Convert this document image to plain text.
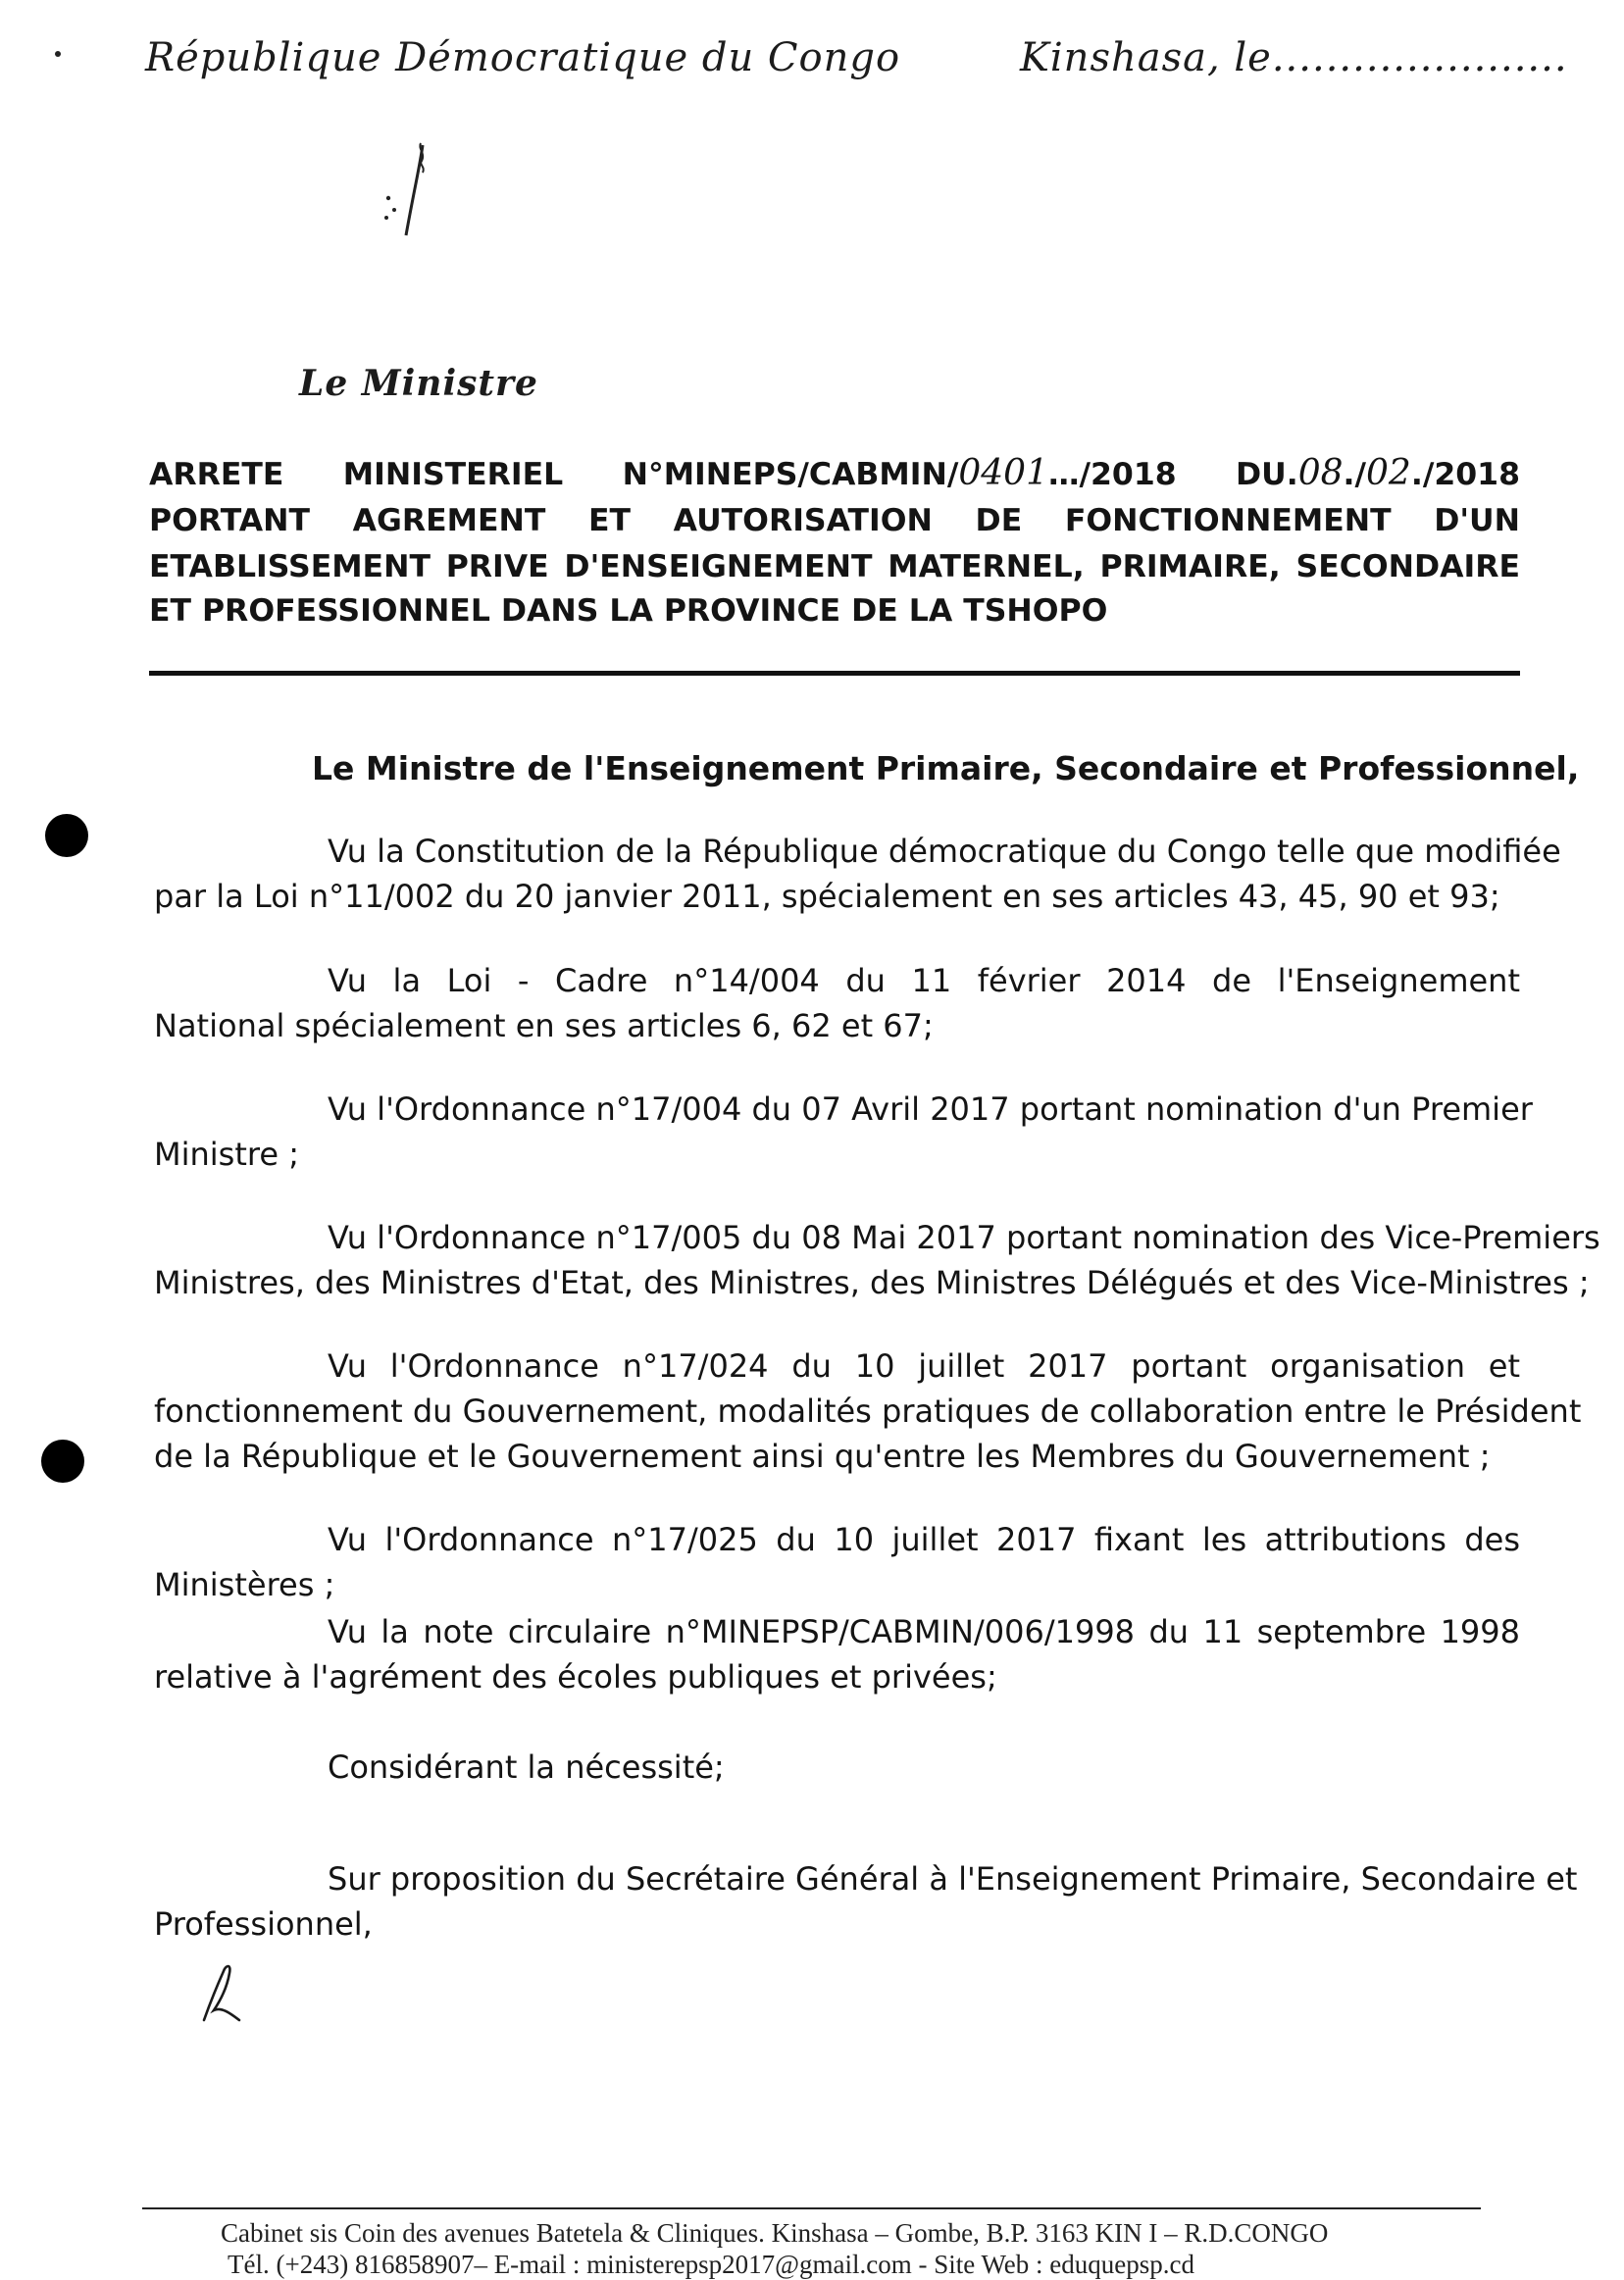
République Démocratique du Congo	Kinshasa, le......................
Le Ministre
ARRETE MINISTERIEL N°MINEPS/CABMIN/0401…/2018 DU.08./02./2018
PORTANT AGREMENT ET AUTORISATION DE FONCTIONNEMENT D'UN
ETABLISSEMENT PRIVE D'ENSEIGNEMENT MATERNEL, PRIMAIRE, SECONDAIRE
ET PROFESSIONNEL DANS LA PROVINCE DE LA TSHOPO
Le Ministre de l'Enseignement Primaire, Secondaire et Professionnel,
Vu la Constitution de la République démocratique du Congo telle que modifiée
par la Loi n°11/002 du 20 janvier 2011, spécialement en ses articles 43, 45, 90 et 93;
Vu la Loi - Cadre n°14/004 du 11 février 2014 de l'Enseignement
National spécialement en ses articles 6, 62 et 67;
Vu l'Ordonnance n°17/004 du 07 Avril 2017 portant nomination d'un Premier
Ministre ;
Vu l'Ordonnance n°17/005 du 08 Mai 2017 portant nomination des Vice-Premiers
Ministres, des Ministres d'Etat, des Ministres, des Ministres Délégués et des Vice-Ministres ;
Vu l'Ordonnance n°17/024 du 10 juillet 2017 portant organisation et
fonctionnement du Gouvernement, modalités pratiques de collaboration entre le Président
de la République et le Gouvernement ainsi qu'entre les Membres du Gouvernement ;
Vu l'Ordonnance n°17/025 du 10 juillet 2017 fixant les attributions des
Ministères ;
Vu la note circulaire n°MINEPSP/CABMIN/006/1998 du 11 septembre 1998
relative à l'agrément des écoles publiques et privées;
Considérant la nécessité;
Sur proposition du Secrétaire Général à l'Enseignement Primaire, Secondaire et
Professionnel,
Cabinet sis Coin des avenues Batetela & Cliniques. Kinshasa – Gombe, B.P. 3163 KIN I – R.D.CONGO
Tél. (+243) 816858907– E-mail : ministerepsp2017@gmail.com - Site Web : eduquepsp.cd
